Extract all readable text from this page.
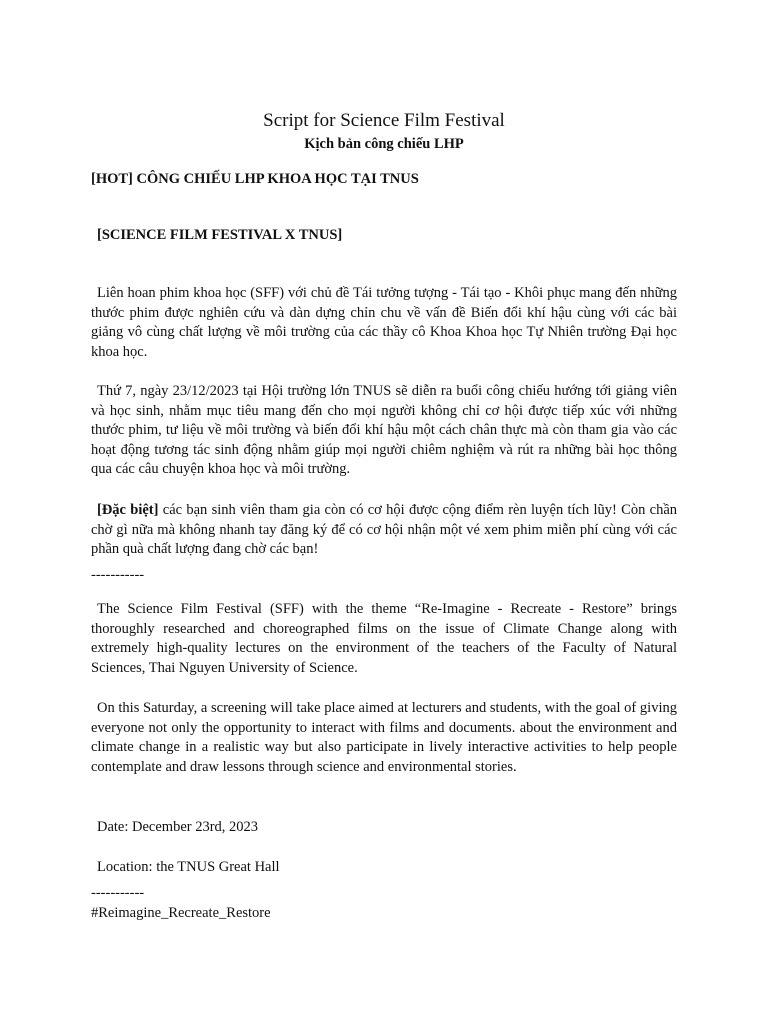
Script for Science Film Festival
Kịch bản công chiếu LHP
[HOT] CÔNG CHIẾU LHP KHOA HỌC TẠI TNUS
[SCIENCE FILM FESTIVAL X TNUS]
Liên hoan phim khoa học (SFF) với chủ đề Tái tưởng tượng - Tái tạo - Khôi phục mang đến những thước phim được nghiên cứu và dàn dựng chỉn chu về vấn đề Biến đổi khí hậu cùng với các bài giảng vô cùng chất lượng về môi trường của các thầy cô Khoa Khoa học Tự Nhiên trường Đại học khoa học.
Thứ 7, ngày 23/12/2023 tại Hội trường lớn TNUS sẽ diễn ra buổi công chiếu hướng tới giảng viên và học sinh, nhằm mục tiêu mang đến cho mọi người không chỉ cơ hội được tiếp xúc với những thước phim, tư liệu về môi trường và biến đổi khí hậu một cách chân thực mà còn tham gia vào các hoạt động tương tác sinh động nhằm giúp mọi người chiêm nghiệm và rút ra những bài học thông qua các câu chuyện khoa học và môi trường.
[Đặc biệt] các bạn sinh viên tham gia còn có cơ hội được cộng điểm rèn luyện tích lũy! Còn chần chờ gì nữa mà không nhanh tay đăng ký để có cơ hội nhận một vé xem phim miễn phí cùng với các phần quà chất lượng đang chờ các bạn!
-----------
The Science Film Festival (SFF) with the theme “Re-Imagine - Recreate - Restore” brings thoroughly researched and choreographed films on the issue of Climate Change along with extremely high-quality lectures on the environment of the teachers of the Faculty of Natural Sciences, Thai Nguyen University of Science.
On this Saturday, a screening will take place aimed at lecturers and students, with the goal of giving everyone not only the opportunity to interact with films and documents. about the environment and climate change in a realistic way but also participate in lively interactive activities to help people contemplate and draw lessons through science and environmental stories.
Date: December 23rd, 2023
Location: the TNUS Great Hall
-----------
#Reimagine_Recreate_Restore
